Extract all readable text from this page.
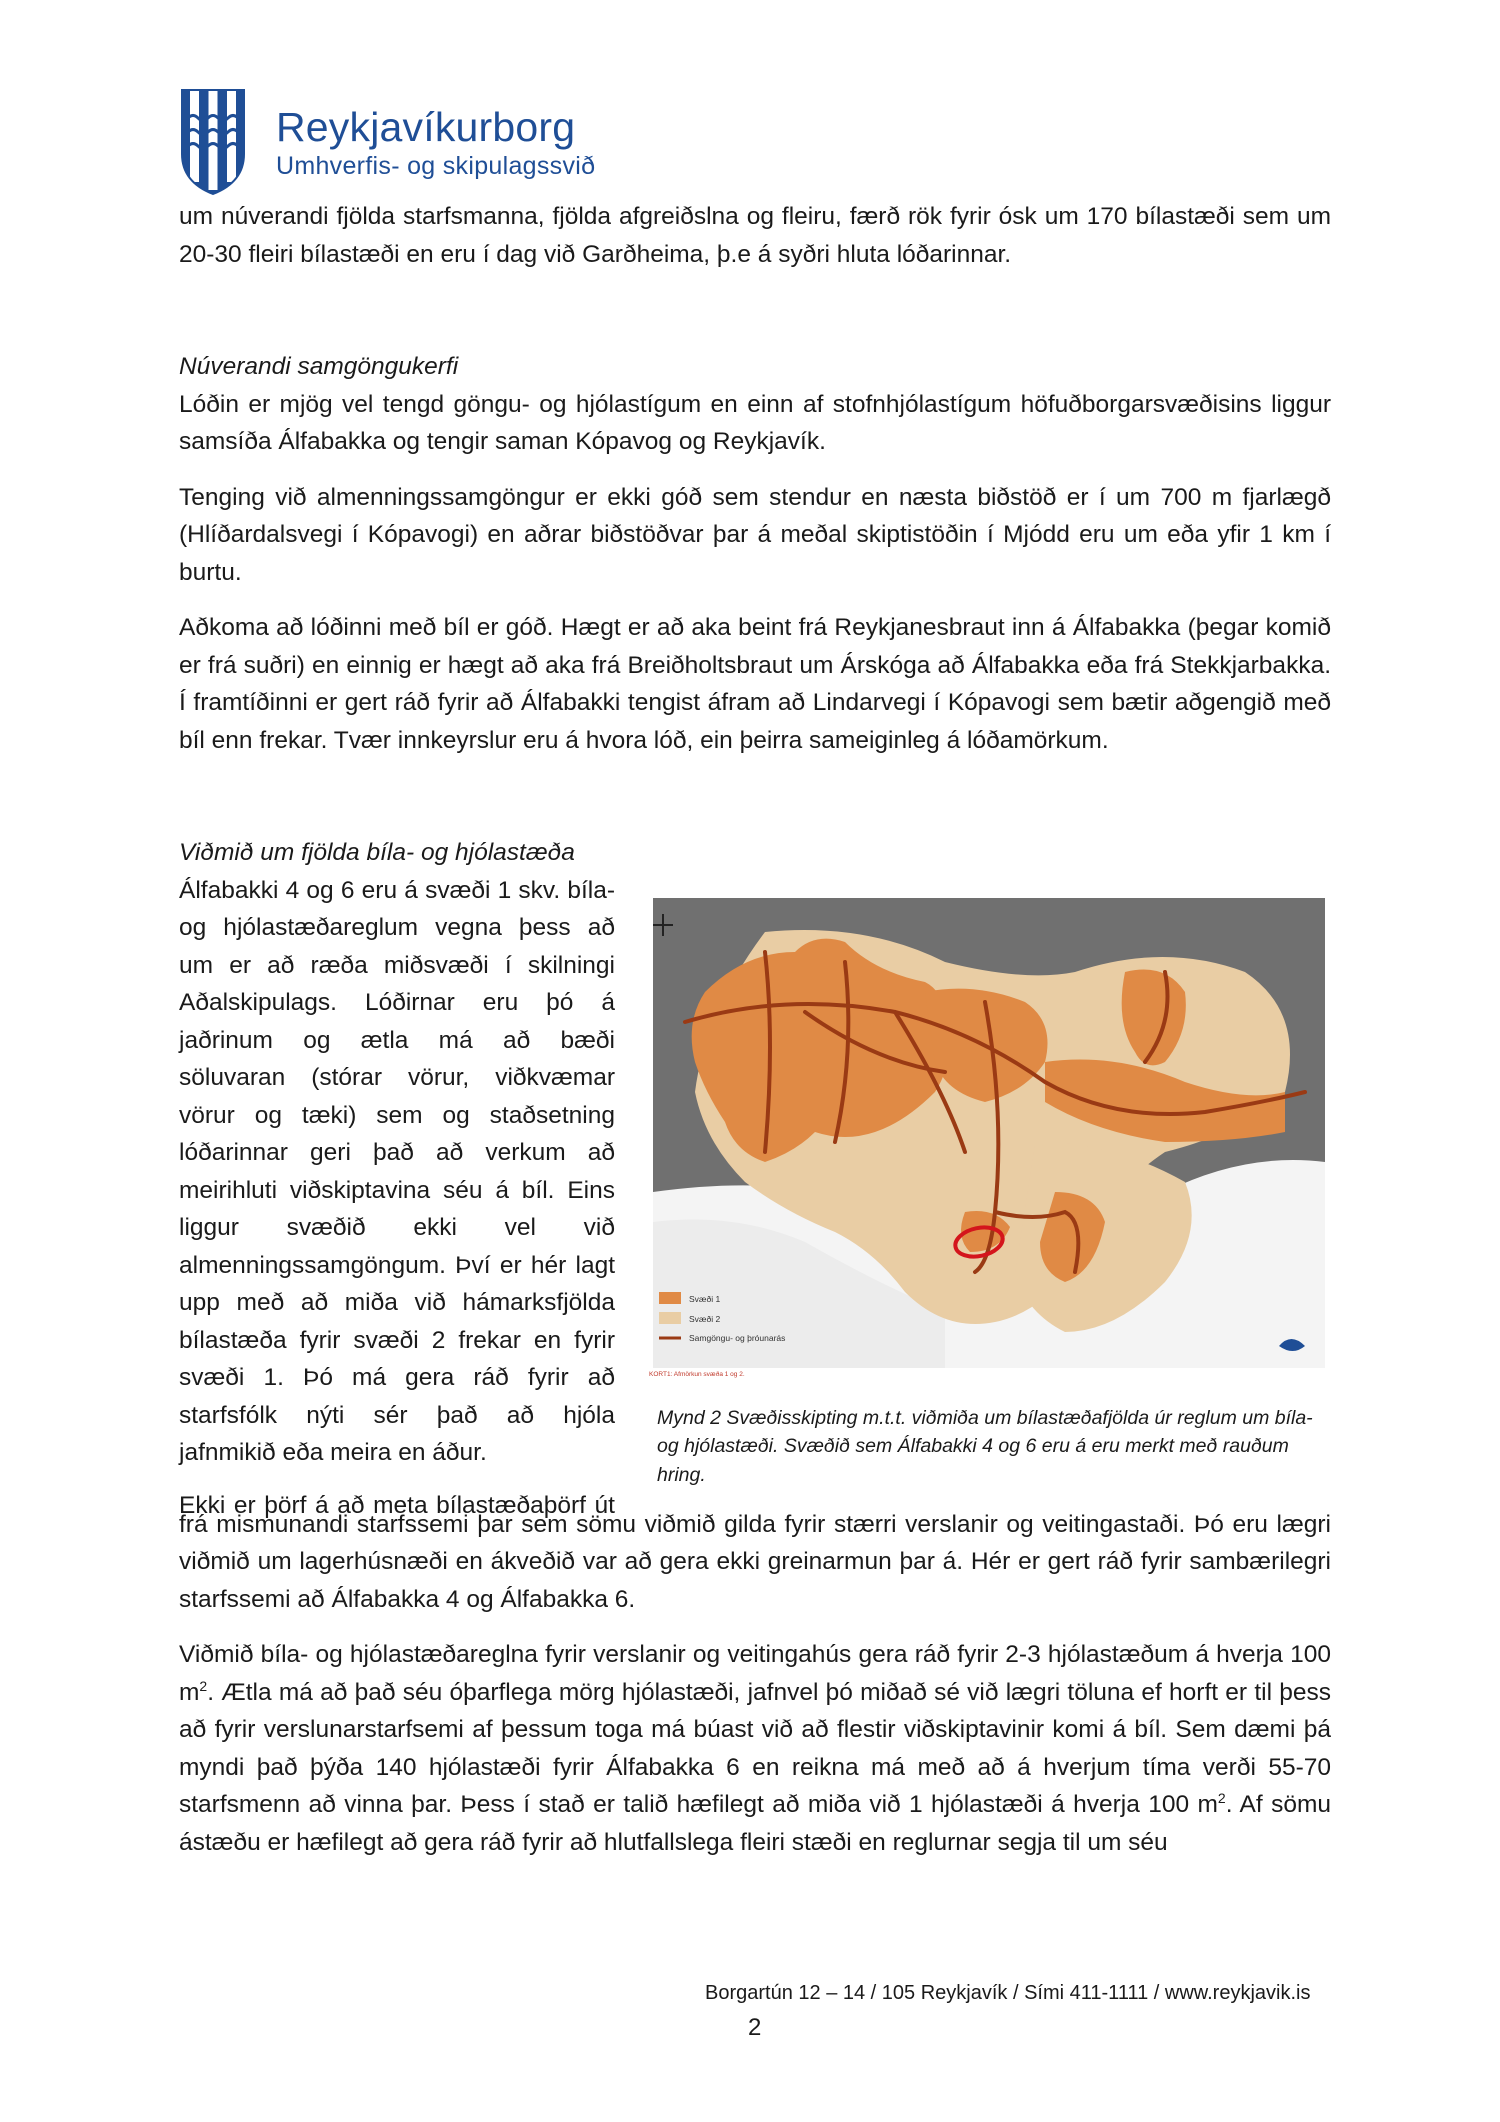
Reykjavíkurborg
Umhverfis- og skipulagssvið

um núverandi fjölda starfsmanna, fjölda afgreiðslna og fleiru, færð rök fyrir ósk um 170 bílastæði sem um 20-30 fleiri bílastæði en eru í dag við Garðheima, þ.e á syðri hluta lóðarinnar.

Núverandi samgöngukerfi

Lóðin er mjög vel tengd göngu- og hjólastígum en einn af stofnhjólastígum höfuðborgarsvæðisins liggur samsíða Álfabakka og tengir saman Kópavog og Reykjavík.

Tenging við almenningssamgöngur er ekki góð sem stendur en næsta biðstöð er í um 700 m fjarlægð (Hlíðardalsvegi í Kópavogi) en aðrar biðstöðvar þar á meðal skiptistöðin í Mjódd eru um eða yfir 1 km í burtu.

Aðkoma að lóðinni með bíl er góð. Hægt er að aka beint frá Reykjanesbraut inn á Álfabakka (þegar komið er frá suðri) en einnig er hægt að aka frá Breiðholtsbraut um Árskóga að Álfabakka eða frá Stekkjarbakka. Í framtíðinni er gert ráð fyrir að Álfabakki tengist áfram að Lindarvegi í Kópavogi sem bætir aðgengið með bíl enn frekar. Tvær innkeyrslur eru á hvora lóð, ein þeirra sameiginleg á lóðamörkum.

Viðmið um fjölda bíla- og hjólastæða

Álfabakki 4 og 6 eru á svæði 1 skv. bíla-
og hjólastæðareglum vegna þess að
um er að ræða miðsvæði í skilningi
Aðalskipulags. Lóðirnar eru þó á
jaðrinum og ætla má að bæði
söluvaran (stórar vörur, viðkvæmar
vörur og tæki) sem og staðsetning
lóðarinnar geri það að verkum að
meirihluti viðskiptavina séu á bíl. Eins
liggur svæðið ekki vel við
almenningssamgöngum. Því er hér lagt
upp með að miða við hámarksfjölda
bílastæða fyrir svæði 2 frekar en fyrir
svæði 1. Þó má gera ráð fyrir að
starfsfólk nýti sér það að hjóla
jafnmikið eða meira en áður.
Ekki er þörf á að meta bílastæðaþörf út
Svæði 1
Svæði 2
Samgöngu- og þróunarás
KORT1: Afmörkun svæða 1 og 2.
Mynd 2 Svæðisskipting m.t.t. viðmiða um bílastæðafjölda úr reglum um bíla- og hjólastæði. Svæðið sem Álfabakki 4 og 6 eru á eru merkt með rauðum hring.

frá mismunandi starfssemi þar sem sömu viðmið gilda fyrir stærri verslanir og veitingastaði. Þó eru lægri viðmið um lagerhúsnæði en ákveðið var að gera ekki greinarmun þar á. Hér er gert ráð fyrir sambærilegri starfssemi að Álfabakka 4 og Álfabakka 6.

Viðmið bíla- og hjólastæðareglna fyrir verslanir og veitingahús gera ráð fyrir 2-3 hjólastæðum á hverja 100 $m^2$. Ætla má að það séu óþarflega mörg hjólastæði, jafnvel þó miðað sé við lægri töluna ef horft er til þess að fyrir verslunarstarfsemi af þessum toga má búast við að flestir viðskiptavinir komi á bíl. Sem dæmi þá myndi það þýða 140 hjólastæði fyrir Álfabakka 6 en reikna má með að á hverjum tíma verði 55-70 starfsmenn að vinna þar. Þess í stað er talið hæfilegt að miða við 1 hjólastæði á hverja 100 $m^2$. Af sömu ástæðu er hæfilegt að gera ráð fyrir að hlutfallslega fleiri stæði en reglurnar segja til um séu

Borgartún 12 – 14 / 105 Reykjavík / Sími 411-1111 / www.reykjavik.is
2
